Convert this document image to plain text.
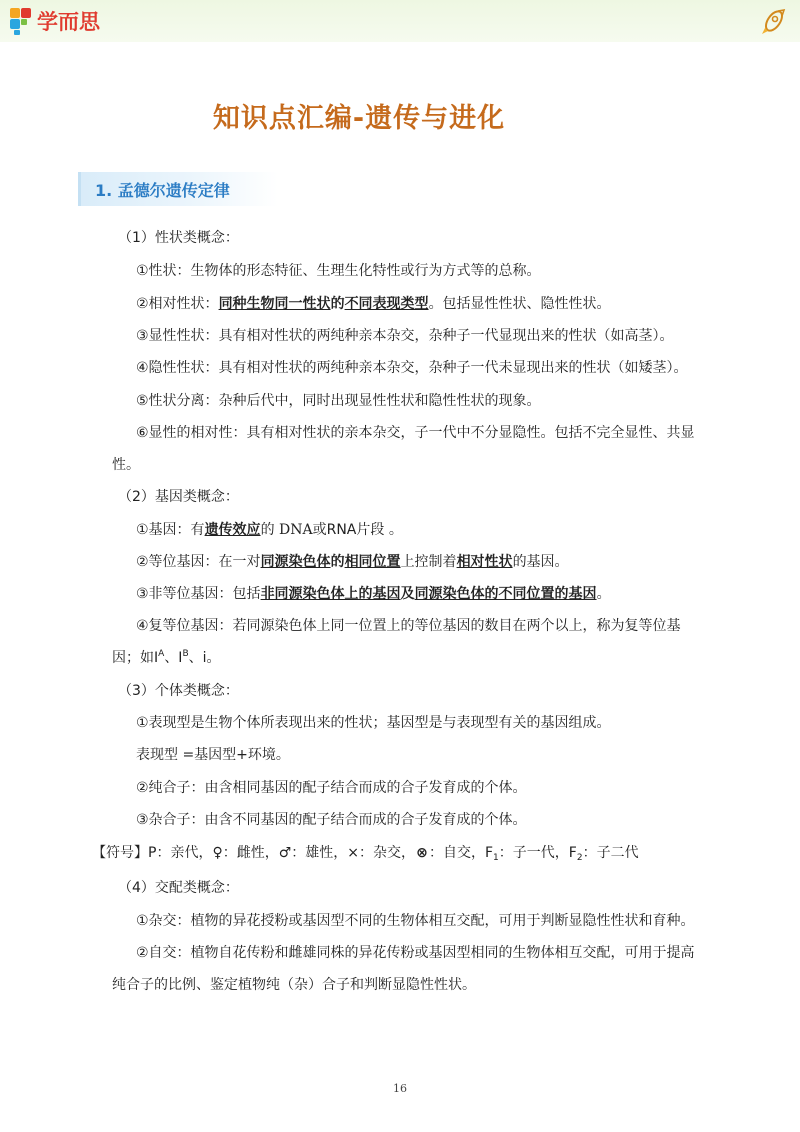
学而思
知识点汇编-遗传与进化
1. 孟德尔遗传定律
（1）性状类概念：
①性状：生物体的形态特征、生理生化特性或行为方式等的总称。
②相对性状：同种生物同一性状的不同表现类型。包括显性性状、隐性性状。
③显性性状：具有相对性状的两纯种亲本杂交，杂种子一代显现出来的性状（如高茎）。
④隐性性状：具有相对性状的两纯种亲本杂交，杂种子一代未显现出来的性状（如矮茎）。
⑤性状分离：杂种后代中，同时出现显性性状和隐性性状的现象。
⑥显性的相对性：具有相对性状的亲本杂交，子一代中不分显隐性。包括不完全显性、共显
性。
（2）基因类概念：
①基因：有遗传效应的 DNA或RNA片段 。
②等位基因：在一对同源染色体的相同位置上控制着相对性状的基因。
③非等位基因：包括非同源染色体上的基因及同源染色体的不同位置的基因。
④复等位基因：若同源染色体上同一位置上的等位基因的数目在两个以上，称为复等位基
因；如$I^A$、$I^B$、i。
（3）个体类概念：
①表现型是生物个体所表现出来的性状；基因型是与表现型有关的基因组成。
表现型 =基因型+环境。
②纯合子：由含相同基因的配子结合而成的合子发育成的个体。
③杂合子：由含不同基因的配子结合而成的合子发育成的个体。
【符号】P：亲代，♀：雌性，♂：雄性，×：杂交，⊗：自交，$F_1$：子一代，$F_2$：子二代
（4）交配类概念：
①杂交：植物的异花授粉或基因型不同的生物体相互交配，可用于判断显隐性性状和育种。
②自交：植物自花传粉和雌雄同株的异花传粉或基因型相同的生物体相互交配，可用于提高
纯合子的比例、鉴定植物纯（杂）合子和判断显隐性性状。
16
